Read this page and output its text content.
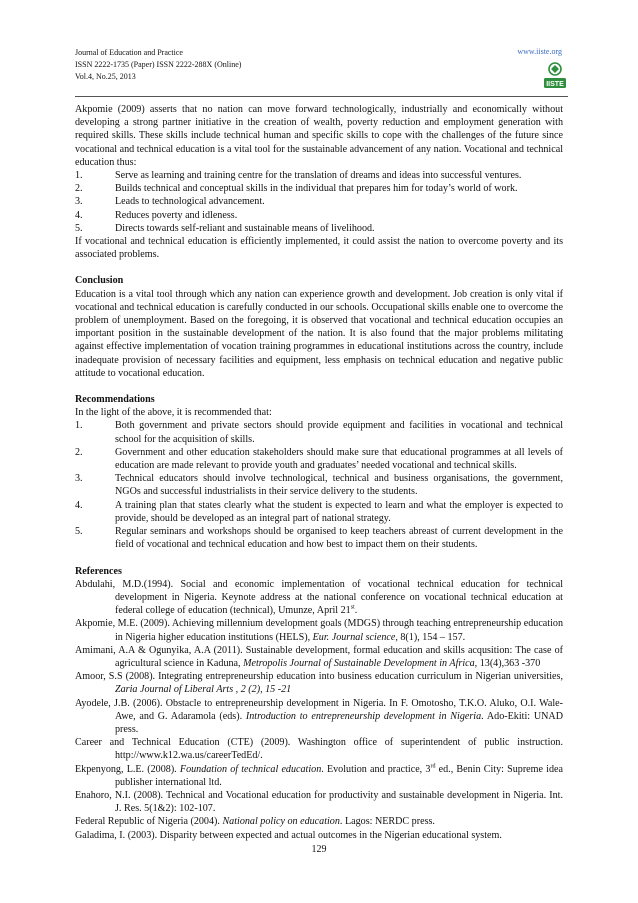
Journal of Education and Practice
ISSN 2222-1735 (Paper) ISSN 2222-288X (Online)
Vol.4, No.25, 2013
www.iiste.org
IISTE

Akpomie (2009) asserts that no nation can move forward technologically, industrially and economically without developing a strong partner initiative in the creation of wealth, poverty reduction and employment generation with required skills. These skills include technical human and specific skills to cope with the challenges of the future since vocational and technical education is a vital tool for the sustainable advancement of any nation. Vocational and technical education thus:

1.	Serve as learning and training centre for the translation of dreams and ideas into successful ventures.
2.	Builds technical and conceptual skills in the individual that prepares him for today’s world of work.
3.	Leads to technological advancement.
4.	Reduces poverty and idleness.
5.	Directs towards self-reliant and sustainable means of livelihood.

If vocational and technical education is efficiently implemented, it could assist the nation to overcome poverty and its associated problems.

Conclusion

Education is a vital tool through which any nation can experience growth and development. Job creation is only vital if vocational and technical education is carefully conducted in our schools. Occupational skills enable one to overcome the problem of unemployment. Based on the foregoing, it is observed that vocational and technical education occupies an important position in the sustainable development of the nation. It is also found that the major problems militating against effective implementation of vocation training programmes in educational institutions across the country, include inadequate provision of necessary facilities and equipment, less emphasis on technical education and negative public attitude to vocational education.

Recommendations

In the light of the above, it is recommended that:

1.	Both government and private sectors should provide equipment and facilities in vocational and technical school for the acquisition of skills.
2.	Government and other education stakeholders should make sure that educational programmes at all levels of education are made relevant to provide youth and graduates’ needed vocational and technical skills.
3.	Technical educators should involve technological, technical and business organisations, the government, NGOs and successful industrialists in their service delivery to the students.
4.	A training plan that states clearly what the student is expected to learn and what the employer is expected to provide, should be developed as an integral part of national strategy.
5.	Regular seminars and workshops should be organised to keep teachers abreast of current development in the field of vocational and technical education and how best to impact them on their students.

References

Abdulahi, M.D.(1994). Social and economic implementation of vocational technical education for technical development in Nigeria. Keynote address at the national conference on vocational technical education at federal college of education (technical), Umunze, April 21st.

Akpomie, M.E. (2009). Achieving millennium development goals (MDGS) through teaching entrepreneurship education in Nigeria higher education institutions (HELS), Eur. Journal science, 8(1), 154 – 157.

Amimani, A.A & Ogunyika, A.A (2011). Sustainable development, formal education and skills acqusition: The case of agricultural science in Kaduna, Metropolis Journal of Sustainable Development in Africa, 13(4),363 -370

Amoor, S.S (2008). Integrating entrepreneurship education into business education curriculum in Nigerian universities, Zaria Journal of Liberal Arts , 2 (2), 15 -21

Ayodele, J.B. (2006). Obstacle to entrepreneurship development in Nigeria. In F. Omotosho, T.K.O. Aluko, O.I. Wale-Awe, and G. Adaramola (eds). Introduction to entrepreneurship development in Nigeria. Ado-Ekiti: UNAD press.

Career and Technical Education (CTE) (2009). Washington office of superintendent of public instruction. http://www.k12.wa.us/careerTedEd/.

Ekpenyong, L.E. (2008). Foundation of technical education. Evolution and practice, 3rd ed., Benin City: Supreme idea publisher international ltd.

Enahoro, N.I. (2008). Technical and Vocational education for productivity and sustainable development in Nigeria. Int. J. Res. 5(1&2): 102-107.

Federal Republic of Nigeria (2004). National policy on education. Lagos: NERDC press.

Galadima, I. (2003). Disparity between expected and actual outcomes in the Nigerian educational system.

129
